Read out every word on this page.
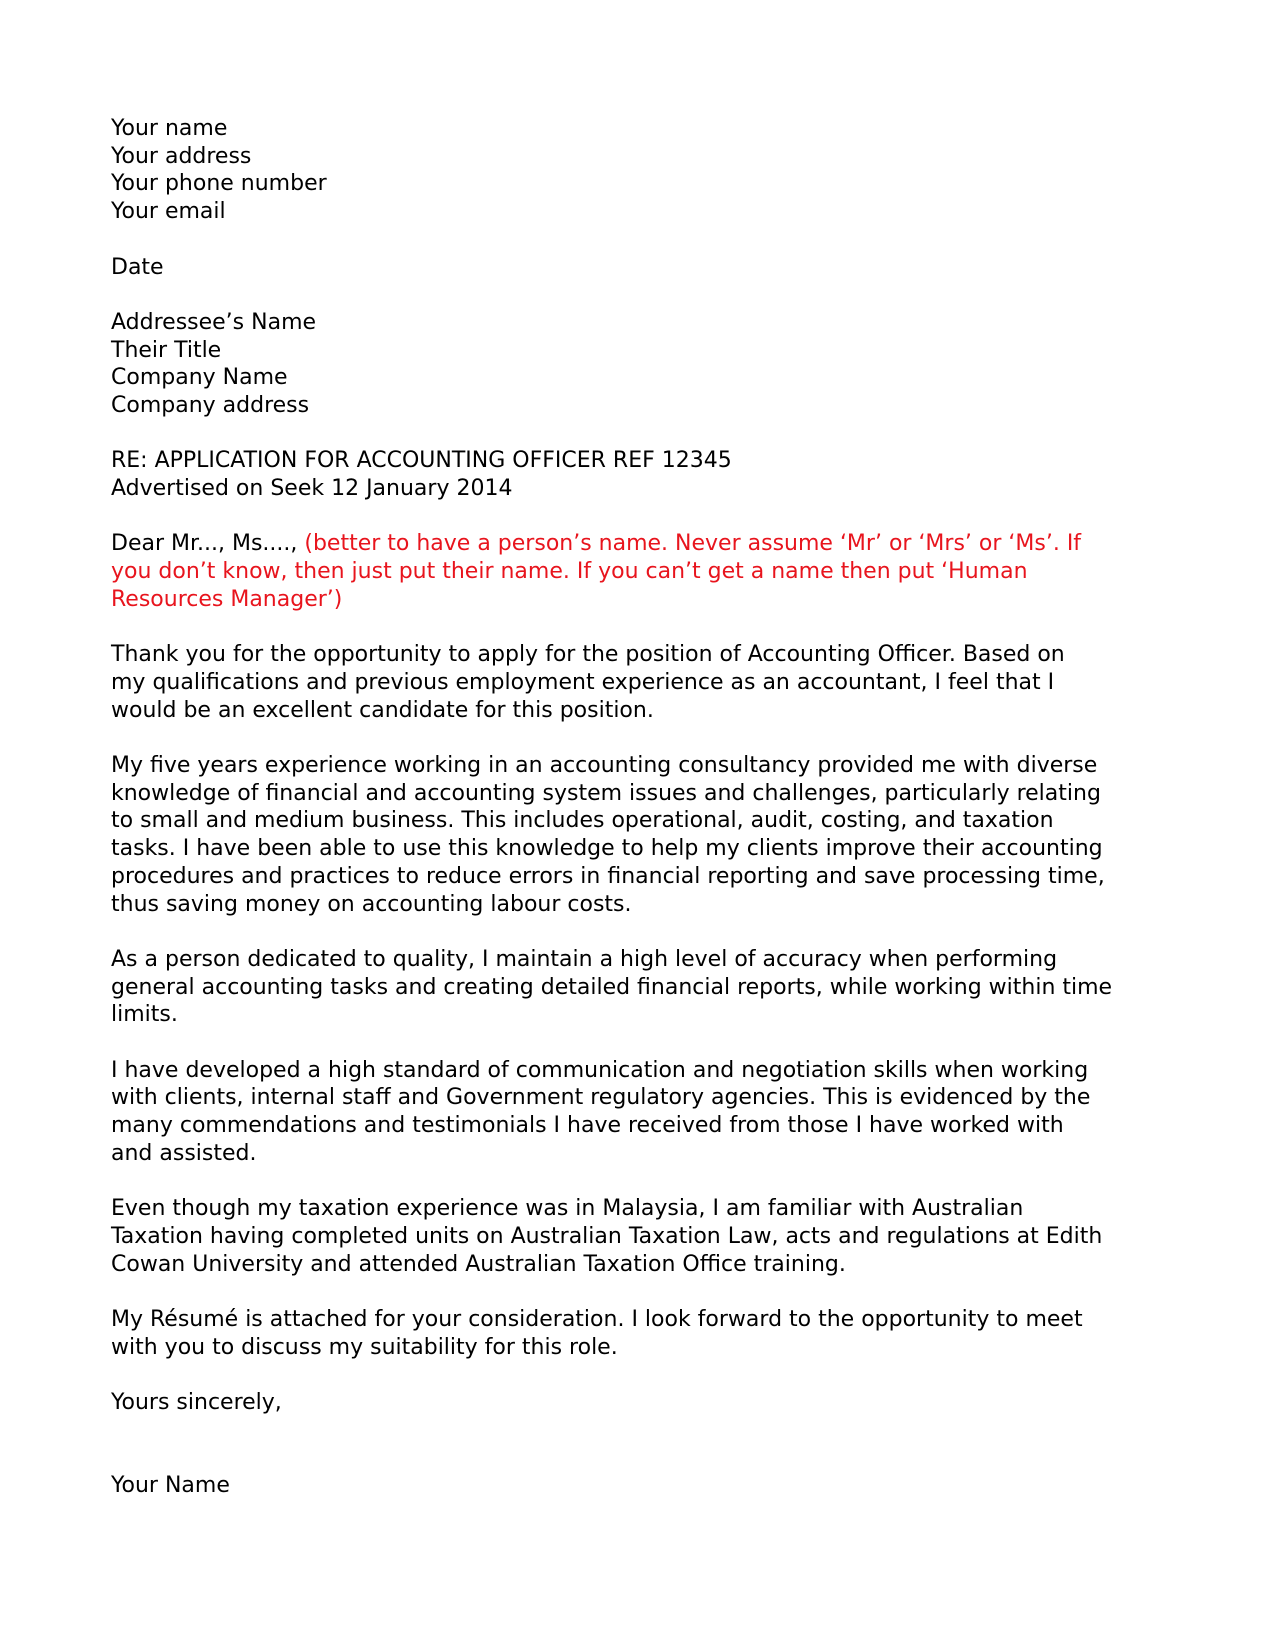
Your name
Your address
Your phone number
Your email
Date
Addressee’s Name
Their Title
Company Name
Company address
RE: APPLICATION FOR ACCOUNTING OFFICER REF 12345
Advertised on Seek 12 January 2014
Dear Mr..., Ms...., (better to have a person’s name. Never assume ‘Mr’ or ‘Mrs’ or ‘Ms’. If
you don’t know, then just put their name. If you can’t get a name then put ‘Human
Resources Manager’)
Thank you for the opportunity to apply for the position of Accounting Officer. Based on
my qualifications and previous employment experience as an accountant, I feel that I
would be an excellent candidate for this position.
My five years experience working in an accounting consultancy provided me with diverse
knowledge of financial and accounting system issues and challenges, particularly relating
to small and medium business. This includes operational, audit, costing, and taxation
tasks. I have been able to use this knowledge to help my clients improve their accounting
procedures and practices to reduce errors in financial reporting and save processing time,
thus saving money on accounting labour costs.
As a person dedicated to quality, I maintain a high level of accuracy when performing
general accounting tasks and creating detailed financial reports, while working within time
limits.
I have developed a high standard of communication and negotiation skills when working
with clients, internal staff and Government regulatory agencies. This is evidenced by the
many commendations and testimonials I have received from those I have worked with
and assisted.
Even though my taxation experience was in Malaysia, I am familiar with Australian
Taxation having completed units on Australian Taxation Law, acts and regulations at Edith
Cowan University and attended Australian Taxation Office training.
My Résumé is attached for your consideration. I look forward to the opportunity to meet
with you to discuss my suitability for this role.
Yours sincerely,
Your Name
